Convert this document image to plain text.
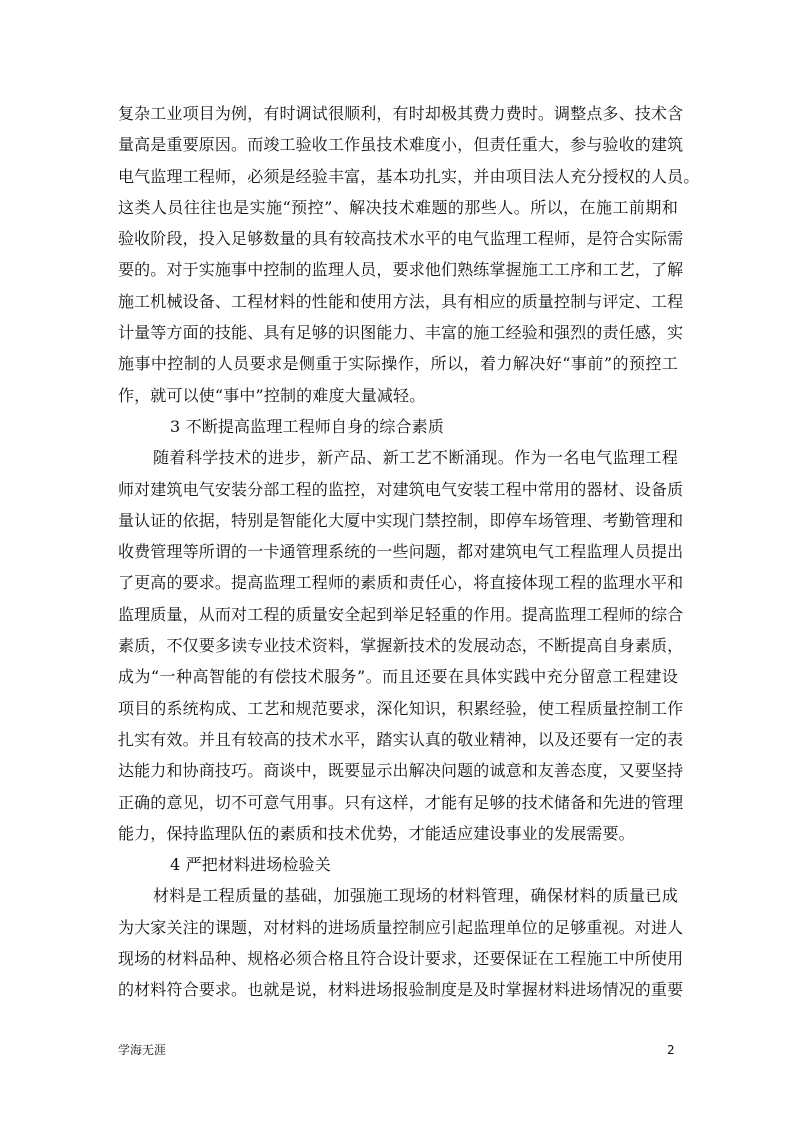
复杂工业项目为例，有时调试很顺利，有时却极其费力费时。调整点多、技术含
量高是重要原因。而竣工验收工作虽技术难度小，但责任重大，参与验收的建筑
电气监理工程师，必须是经验丰富，基本功扎实，并由项目法人充分授权的人员。
这类人员往往也是实施“预控”、解决技术难题的那些人。所以，在施工前期和
验收阶段，投入足够数量的具有较高技术水平的电气监理工程师，是符合实际需
要的。对于实施事中控制的监理人员，要求他们熟练掌握施工工序和工艺，了解
施工机械设备、工程材料的性能和使用方法，具有相应的质量控制与评定、工程
计量等方面的技能、具有足够的识图能力、丰富的施工经验和强烈的责任感，实
施事中控制的人员要求是侧重于实际操作，所以，着力解决好“事前”的预控工
作，就可以使“事中”控制的难度大量减轻。
3 不断提高监理工程师自身的综合素质
随着科学技术的进步，新产品、新工艺不断涌现。作为一名电气监理工程
师对建筑电气安装分部工程的监控，对建筑电气安装工程中常用的器材、设备质
量认证的依据，特别是智能化大厦中实现门禁控制，即停车场管理、考勤管理和
收费管理等所谓的一卡通管理系统的一些问题，都对建筑电气工程监理人员提出
了更高的要求。提高监理工程师的素质和责任心，将直接体现工程的监理水平和
监理质量，从而对工程的质量安全起到举足轻重的作用。提高监理工程师的综合
素质，不仅要多读专业技术资料，掌握新技术的发展动态，不断提高自身素质，
成为“一种高智能的有偿技术服务”。而且还要在具体实践中充分留意工程建设
项目的系统构成、工艺和规范要求，深化知识，积累经验，使工程质量控制工作
扎实有效。并且有较高的技术水平，踏实认真的敬业精神，以及还要有一定的表
达能力和协商技巧。商谈中，既要显示出解决问题的诚意和友善态度，又要坚持
正确的意见，切不可意气用事。只有这样，才能有足够的技术储备和先进的管理
能力，保持监理队伍的素质和技术优势，才能适应建设事业的发展需要。
4 严把材料进场检验关
材料是工程质量的基础，加强施工现场的材料管理，确保材料的质量已成
为大家关注的课题，对材料的进场质量控制应引起监理单位的足够重视。对进人
现场的材料品种、规格必须合格且符合设计要求，还要保证在工程施工中所使用
的材料符合要求。也就是说，材料进场报验制度是及时掌握材料进场情况的重要
学海无涯	2
